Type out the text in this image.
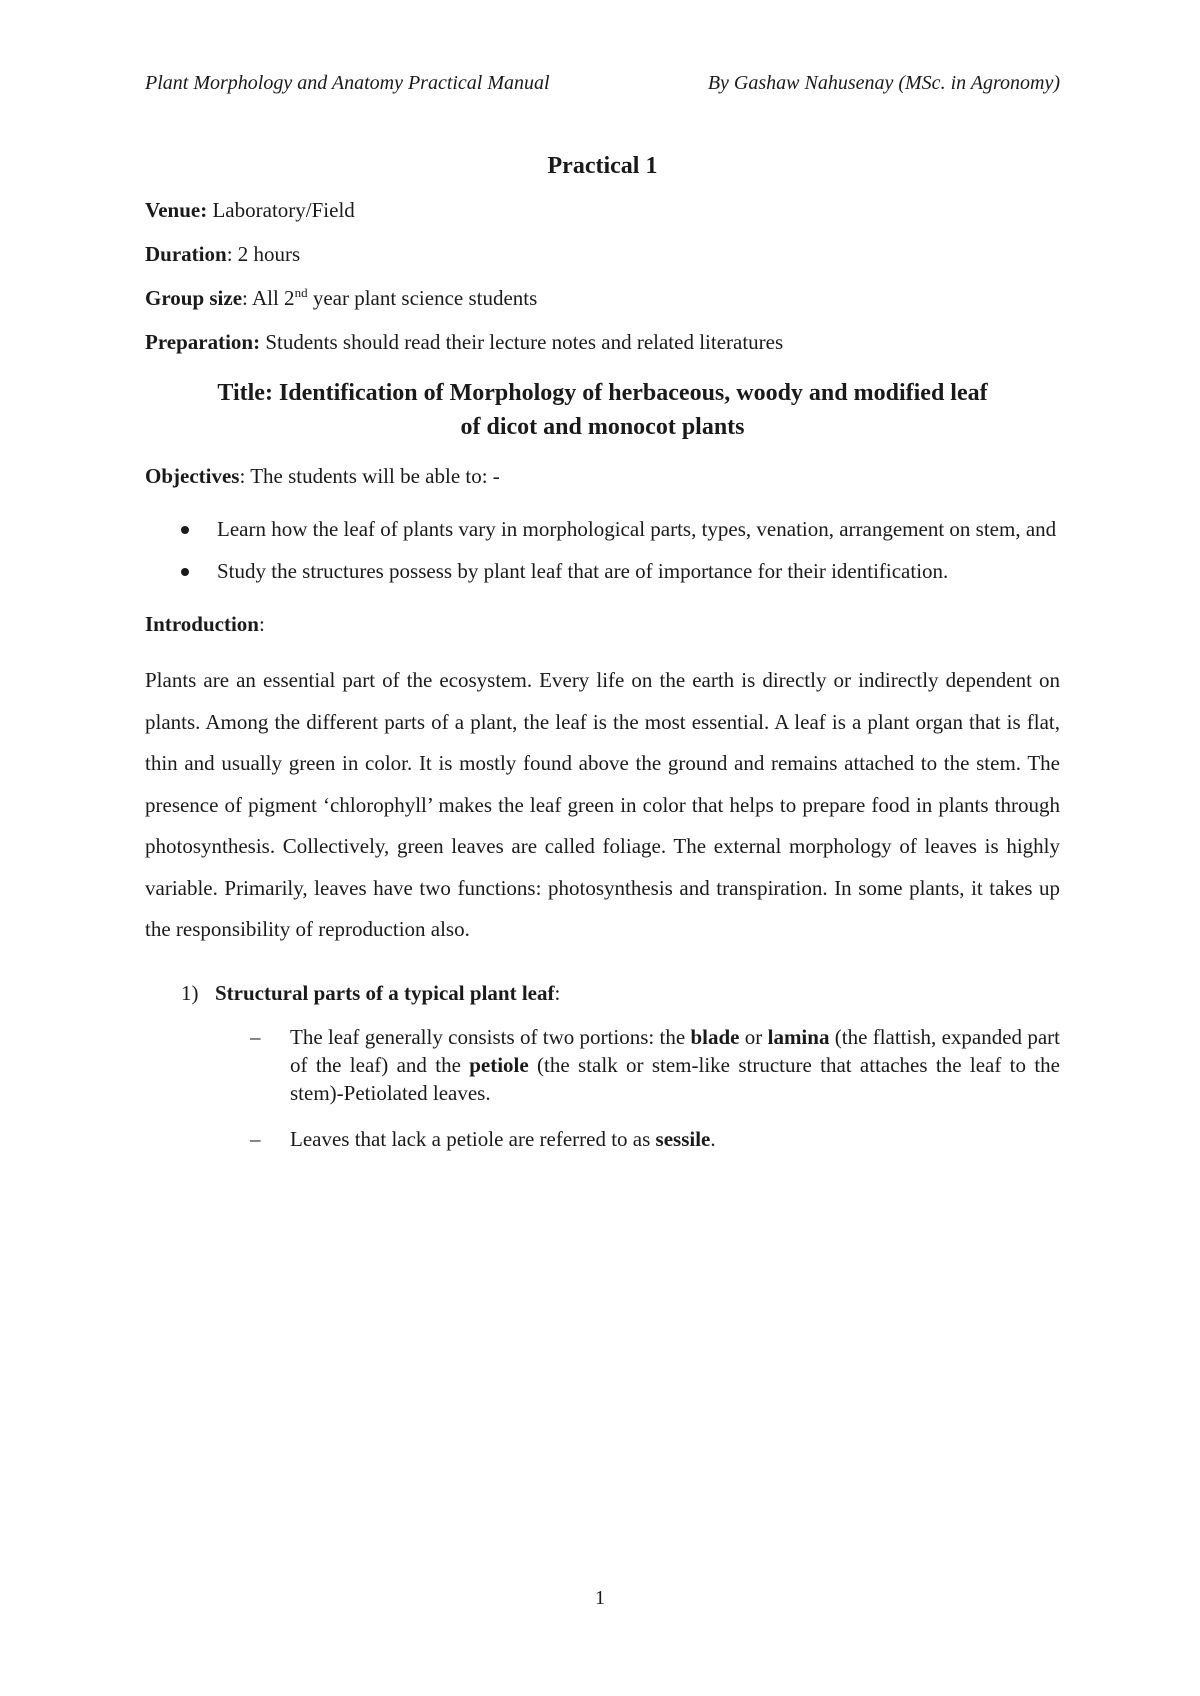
Plant Morphology and Anatomy Practical Manual	By Gashaw Nahusenay (MSc. in Agronomy)

Practical 1

Venue: Laboratory/Field

Duration: 2 hours

Group size: All 2nd year plant science students

Preparation: Students should read their lecture notes and related literatures

Title: Identification of Morphology of herbaceous, woody and modified leaf
of dicot and monocot plants

Objectives: The students will be able to: -

Learn how the leaf of plants vary in morphological parts, types, venation, arrangement on stem, and
Study the structures possess by plant leaf that are of importance for their identification.

Introduction:

Plants are an essential part of the ecosystem. Every life on the earth is directly or indirectly dependent on plants. Among the different parts of a plant, the leaf is the most essential. A leaf is a plant organ that is flat, thin and usually green in color. It is mostly found above the ground and remains attached to the stem. The presence of pigment ‘chlorophyll’ makes the leaf green in color that helps to prepare food in plants through photosynthesis. Collectively, green leaves are called foliage. The external morphology of leaves is highly variable. Primarily, leaves have two functions: photosynthesis and transpiration. In some plants, it takes up the responsibility of reproduction also.

1) Structural parts of a typical plant leaf:

– The leaf generally consists of two portions: the blade or lamina (the flattish, expanded part of the leaf) and the petiole (the stalk or stem-like structure that attaches the leaf to the stem)-Petiolated leaves.
– Leaves that lack a petiole are referred to as sessile.
1
